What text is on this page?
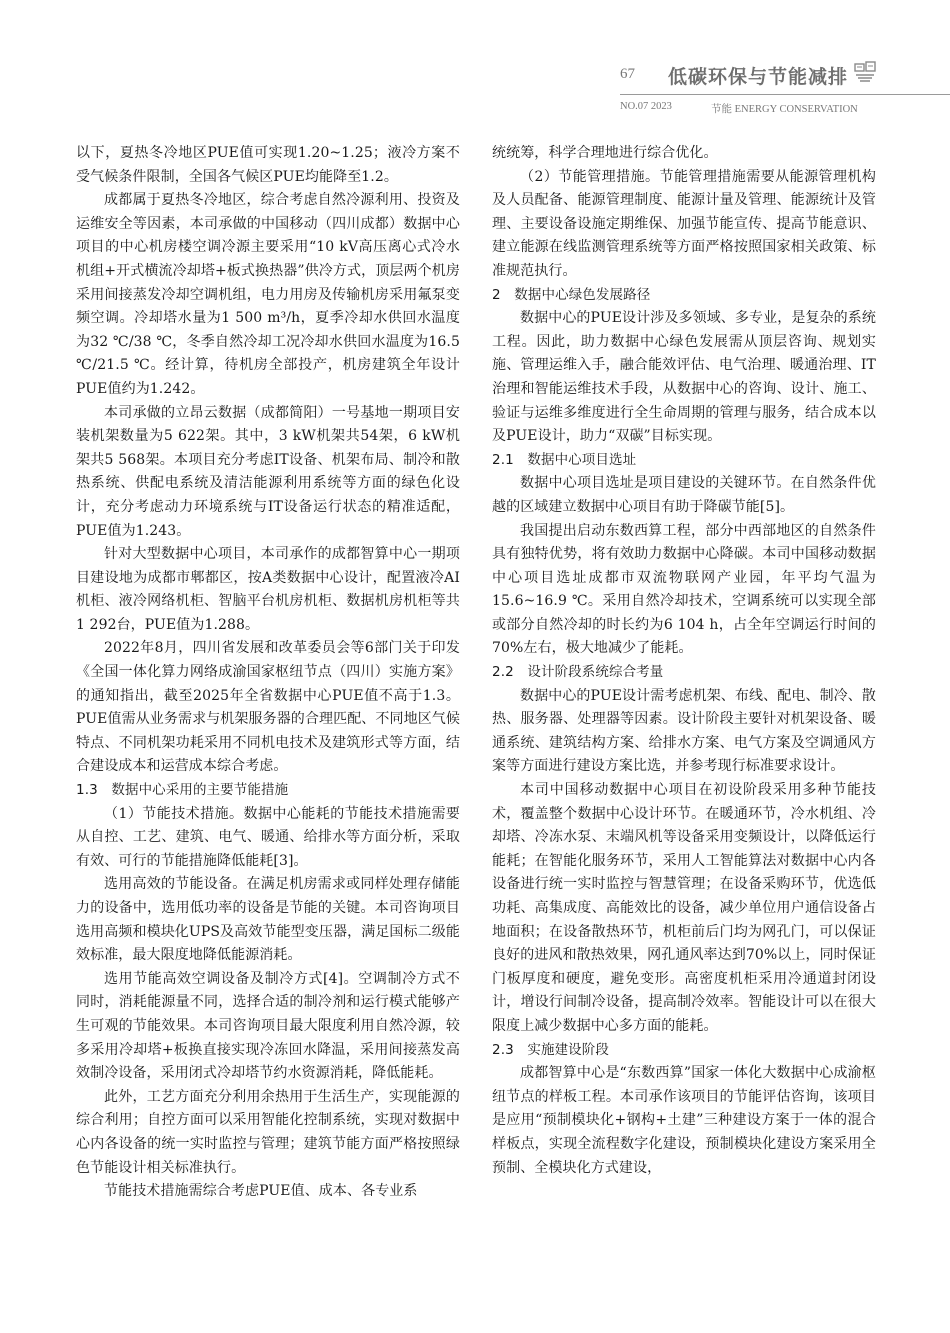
67 低碳环保与节能减排
NO.07 2023	节能 ENERGY CONSERVATION

以下，夏热冬冷地区PUE值可实现1.20~1.25；液冷方案不受气候条件限制，全国各气候区PUE均能降至1.2。

成都属于夏热冬冷地区，综合考虑自然冷源利用、投资及运维安全等因素，本司承做的中国移动（四川成都）数据中心项目的中心机房楼空调冷源主要采用“10 kV高压离心式冷水机组+开式横流冷却塔+板式换热器”供冷方式，顶层两个机房采用间接蒸发冷却空调机组，电力用房及传输机房采用氟泵变频空调。冷却塔水量为1 500 m³/h，夏季冷却水供回水温度为32 ℃/38 ℃，冬季自然冷却工况冷却水供回水温度为16.5 ℃/21.5 ℃。经计算，待机房全部投产，机房建筑全年设计PUE值约为1.242。

本司承做的立昂云数据（成都简阳）一号基地一期项目安装机架数量为5 622架。其中，3 kW机架共54架，6 kW机架共5 568架。本项目充分考虑IT设备、机架布局、制冷和散热系统、供配电系统及清洁能源利用系统等方面的绿色化设计，充分考虑动力环境系统与IT设备运行状态的精准适配，PUE值为1.243。

针对大型数据中心项目，本司承作的成都智算中心一期项目建设地为成都市郫都区，按A类数据中心设计，配置液冷AI机柜、液冷网络机柜、智脑平台机房机柜、数据机房机柜等共1 292台，PUE值为1.288。

2022年8月，四川省发展和改革委员会等6部门关于印发《全国一体化算力网络成渝国家枢纽节点（四川）实施方案》的通知指出，截至2025年全省数据中心PUE值不高于1.3。PUE值需从业务需求与机架服务器的合理匹配、不同地区气候特点、不同机架功耗采用不同机电技术及建筑形式等方面，结合建设成本和运营成本综合考虑。

1.3　数据中心采用的主要节能措施

（1）节能技术措施。数据中心能耗的节能技术措施需要从自控、工艺、建筑、电气、暖通、给排水等方面分析，采取有效、可行的节能措施降低能耗[3]。

选用高效的节能设备。在满足机房需求或同样处理存储能力的设备中，选用低功率的设备是节能的关键。本司咨询项目选用高频和模块化UPS及高效节能型变压器，满足国标二级能效标准，最大限度地降低能源消耗。

选用节能高效空调设备及制冷方式[4]。空调制冷方式不同时，消耗能源量不同，选择合适的制冷剂和运行模式能够产生可观的节能效果。本司咨询项目最大限度利用自然冷源，较多采用冷却塔+板换直接实现冷冻回水降温，采用间接蒸发高效制冷设备，采用闭式冷却塔节约水资源消耗，降低能耗。

此外，工艺方面充分利用余热用于生活生产，实现能源的综合利用；自控方面可以采用智能化控制系统，实现对数据中心内各设备的统一实时监控与管理；建筑节能方面严格按照绿色节能设计相关标准执行。

节能技术措施需综合考虑PUE值、成本、各专业系

统统筹，科学合理地进行综合优化。

（2）节能管理措施。节能管理措施需要从能源管理机构及人员配备、能源管理制度、能源计量及管理、能源统计及管理、主要设备设施定期维保、加强节能宣传、提高节能意识、建立能源在线监测管理系统等方面严格按照国家相关政策、标准规范执行。

2　数据中心绿色发展路径

数据中心的PUE设计涉及多领域、多专业，是复杂的系统工程。因此，助力数据中心绿色发展需从顶层咨询、规划实施、管理运维入手，融合能效评估、电气治理、暖通治理、IT治理和智能运维技术手段，从数据中心的咨询、设计、施工、验证与运维多维度进行全生命周期的管理与服务，结合成本以及PUE设计，助力“双碳”目标实现。

2.1　数据中心项目选址

数据中心项目选址是项目建设的关键环节。在自然条件优越的区域建立数据中心项目有助于降碳节能[5]。

我国提出启动东数西算工程，部分中西部地区的自然条件具有独特优势，将有效助力数据中心降碳。本司中国移动数据中心项目选址成都市双流物联网产业园，年平均气温为15.6~16.9 ℃。采用自然冷却技术，空调系统可以实现全部或部分自然冷却的时长约为6 104 h，占全年空调运行时间的70%左右，极大地减少了能耗。

2.2　设计阶段系统综合考量

数据中心的PUE设计需考虑机架、布线、配电、制冷、散热、服务器、处理器等因素。设计阶段主要针对机架设备、暖通系统、建筑结构方案、给排水方案、电气方案及空调通风方案等方面进行建设方案比选，并参考现行标准要求设计。

本司中国移动数据中心项目在初设阶段采用多种节能技术，覆盖整个数据中心设计环节。在暖通环节，冷水机组、冷却塔、冷冻水泵、末端风机等设备采用变频设计，以降低运行能耗；在智能化服务环节，采用人工智能算法对数据中心内各设备进行统一实时监控与智慧管理；在设备采购环节，优选低功耗、高集成度、高能效比的设备，减少单位用户通信设备占地面积；在设备散热环节，机柜前后门均为网孔门，可以保证良好的进风和散热效果，网孔通风率达到70%以上，同时保证门板厚度和硬度，避免变形。高密度机柜采用冷通道封闭设计，增设行间制冷设备，提高制冷效率。智能设计可以在很大限度上减少数据中心多方面的能耗。

2.3　实施建设阶段

成都智算中心是“东数西算”国家一体化大数据中心成渝枢纽节点的样板工程。本司承作该项目的节能评估咨询，该项目是应用“预制模块化+钢构+土建”三种建设方案于一体的混合样板点，实现全流程数字化建设，预制模块化建设方案采用全预制、全模块化方式建设，
